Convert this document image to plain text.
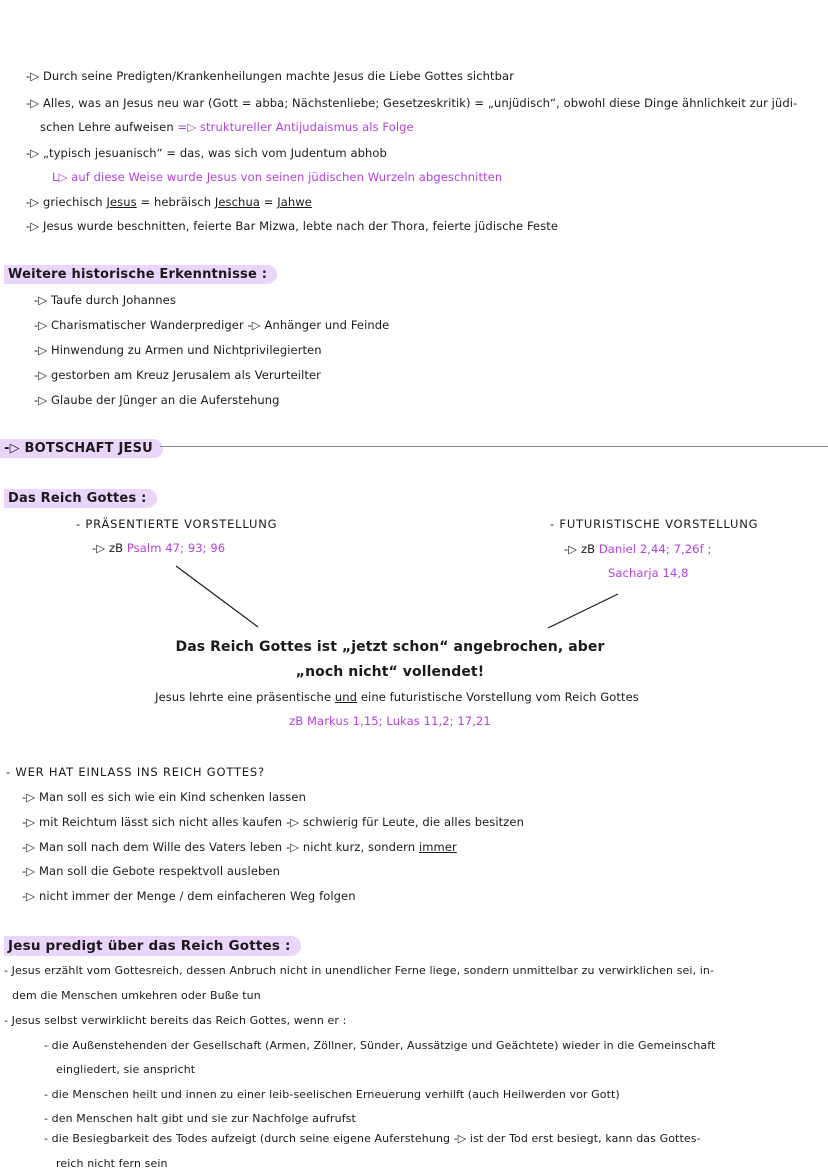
-▷ Durch seine Predigten/Krankenheilungen machte Jesus die Liebe Gottes sichtbar
-▷ Alles, was an Jesus neu war (Gott = abba; Nächstenliebe; Gesetzeskritik) = „unjüdisch“, obwohl diese Dinge ähnlichkeit zur jüdi-
schen Lehre aufweisen =▷ struktureller Antijudaismus als Folge
-▷ „typisch jesuanisch“ = das, was sich vom Judentum abhob
L▷ auf diese Weise wurde Jesus von seinen jüdischen Wurzeln abgeschnitten
-▷ griechisch Jesus = hebräisch Jeschua = Jahwe
-▷ Jesus wurde beschnitten, feierte Bar Mizwa, lebte nach der Thora, feierte jüdische Feste
Weitere historische Erkenntnisse :
-▷ Taufe durch Johannes
-▷ Charismatischer Wanderprediger -▷ Anhänger und Feinde
-▷ Hinwendung zu Armen und Nichtprivilegierten
-▷ gestorben am Kreuz Jerusalem als Verurteilter
-▷ Glaube der Jünger an die Auferstehung
-▷ BOTSCHAFT JESU
Das Reich Gottes :
- PRÄSENTIERTE VORSTELLUNG
-▷ zB Psalm 47; 93; 96
- FUTURISTISCHE VORSTELLUNG
-▷ zB Daniel 2,44; 7,26f ;
Sacharja 14,8
Das Reich Gottes ist „jetzt schon“ angebrochen, aber
„noch nicht“ vollendet!
Jesus lehrte eine präsentische und eine futuristische Vorstellung vom Reich Gottes
zB Markus 1,15; Lukas 11,2; 17,21
- WER HAT EINLASS INS REICH GOTTES?
-▷ Man soll es sich wie ein Kind schenken lassen
-▷ mit Reichtum lässt sich nicht alles kaufen -▷ schwierig für Leute, die alles besitzen
-▷ Man soll nach dem Wille des Vaters leben -▷ nicht kurz, sondern immer
-▷ Man soll die Gebote respektvoll ausleben
-▷ nicht immer der Menge / dem einfacheren Weg folgen
Jesu predigt über das Reich Gottes :
- Jesus erzählt vom Gottesreich, dessen Anbruch nicht in unendlicher Ferne liege, sondern unmittelbar zu verwirklichen sei, in-
dem die Menschen umkehren oder Buße tun
- Jesus selbst verwirklicht bereits das Reich Gottes, wenn er :
- die Außenstehenden der Gesellschaft (Armen, Zöllner, Sünder, Aussätzige und Geächtete) wieder in die Gemeinschaft
eingliedert, sie anspricht
- die Menschen heilt und innen zu einer leib-seelischen Erneuerung verhilft (auch Heilwerden vor Gott)
- den Menschen halt gibt und sie zur Nachfolge aufrufst
- die Besiegbarkeit des Todes aufzeigt (durch seine eigene Auferstehung -▷ ist der Tod erst besiegt, kann das Gottes-
reich nicht fern sein
